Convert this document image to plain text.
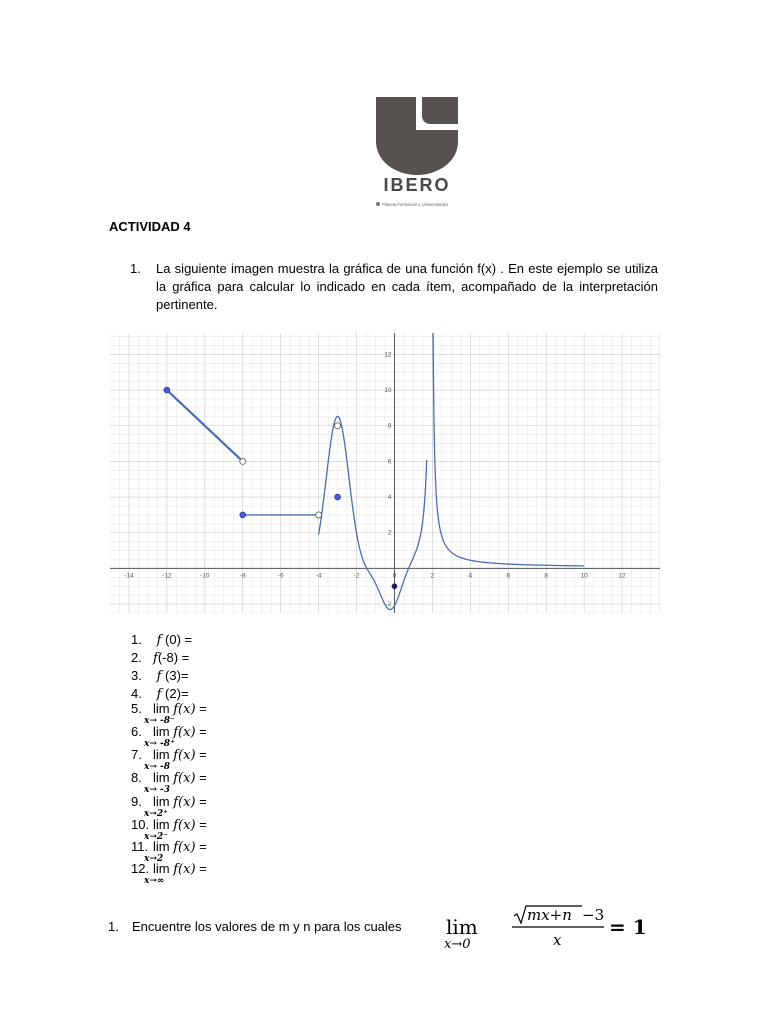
IBERO
Planeta Formación y Universidades
ACTIVIDAD 4
1. La siguiente imagen muestra la gráfica de una función f(x) . En este ejemplo se utiliza la gráfica para calcular lo indicado en cada ítem, acompañado de la interpretación pertinente.
-14	-12	-10	-8	-6	-4	-2	0	2	4	6	8	10	12
-2
2
4
6
8
10
12
1. f (0) =
2. f(-8) =
3. f (3)=
4. f (2)=
5. lim
x→ -8⁻
f(x) =
6. lim
x→ -8⁺
f(x) =
7. lim
x→ -8
f(x) =
8. lim
x→ -3
f(x) =
9. lim
x→2⁺
f(x) =
10. lim
x→2⁻
f(x) =
11. lim
x→2
f(x) =
12. lim
x→∞
f(x) =
1. Encuentre los valores de m y n para los cuales lim
x→0
mx+n −3
x
= 1
